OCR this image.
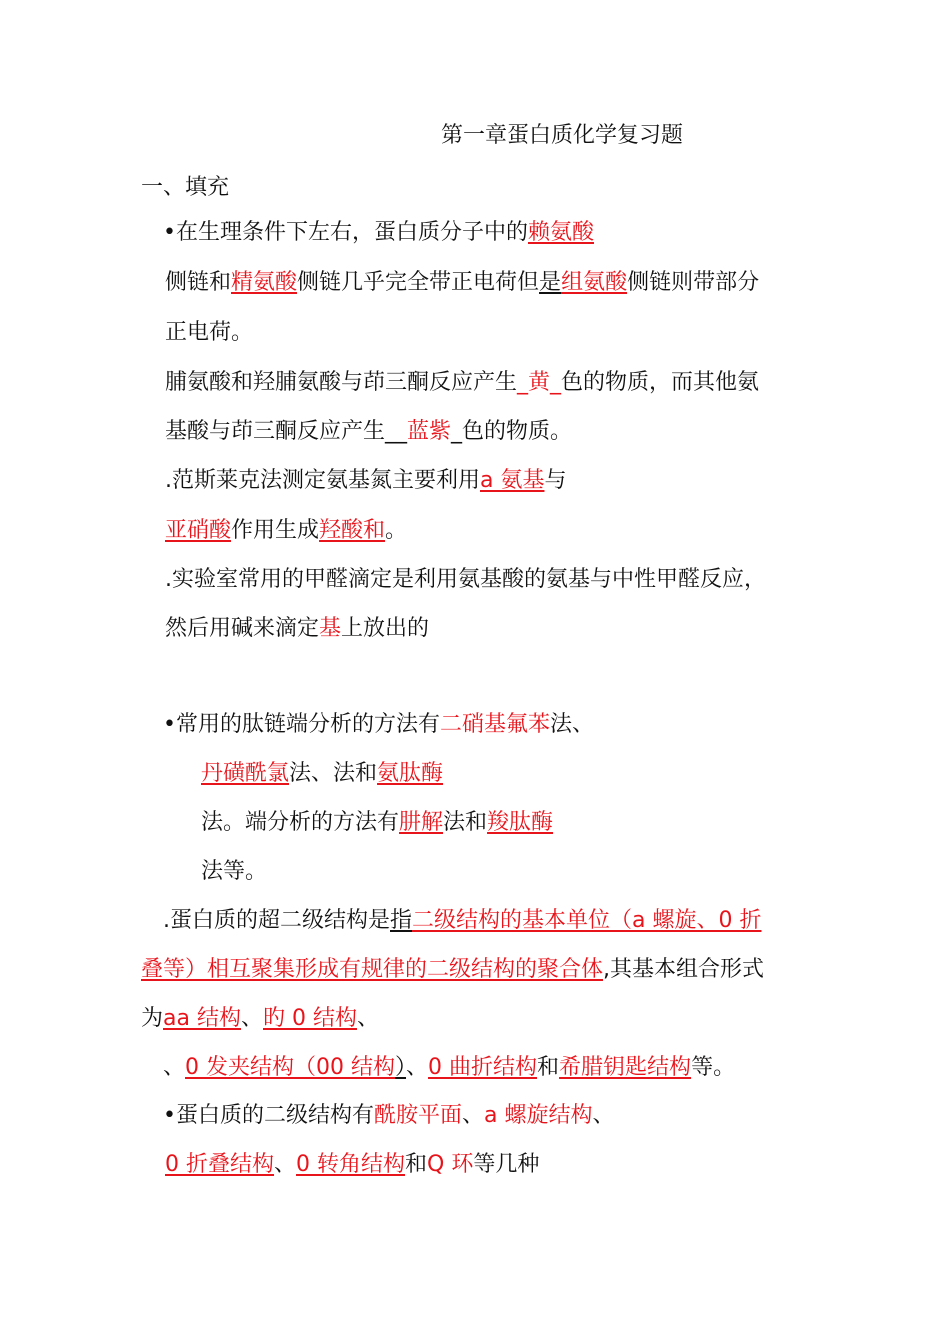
第一章蛋白质化学复习题
一、填充
•在生理条件下左右，蛋白质分子中的赖氨酸
侧链和精氨酸侧链几乎完全带正电荷但是组氨酸侧链则带部分
正电荷。
脯氨酸和羟脯氨酸与茚三酮反应产生_黄_色的物质，而其他氨
基酸与茚三酮反应产生__蓝紫_色的物质。
.范斯莱克法测定氨基氮主要利用a 氨基与
亚硝酸作用生成羟酸和。
.实验室常用的甲醛滴定是利用氨基酸的氨基与中性甲醛反应，
然后用碱来滴定基上放出的
•常用的肽链端分析的方法有二硝基氟苯法、
丹磺酰氯法、法和氨肽酶
法。端分析的方法有肼解法和羧肽酶
法等。
.蛋白质的超二级结构是指二级结构的基本单位（a 螺旋、0 折
叠等）相互聚集形成有规律的二级结构的聚合体,其基本组合形式
为aa 结构、旳 0 结构、
、0 发夹结构（00 结构）、0 曲折结构和希腊钥匙结构等。
•蛋白质的二级结构有酰胺平面、a 螺旋结构、
0 折叠结构、0 转角结构和Q 环等几种
